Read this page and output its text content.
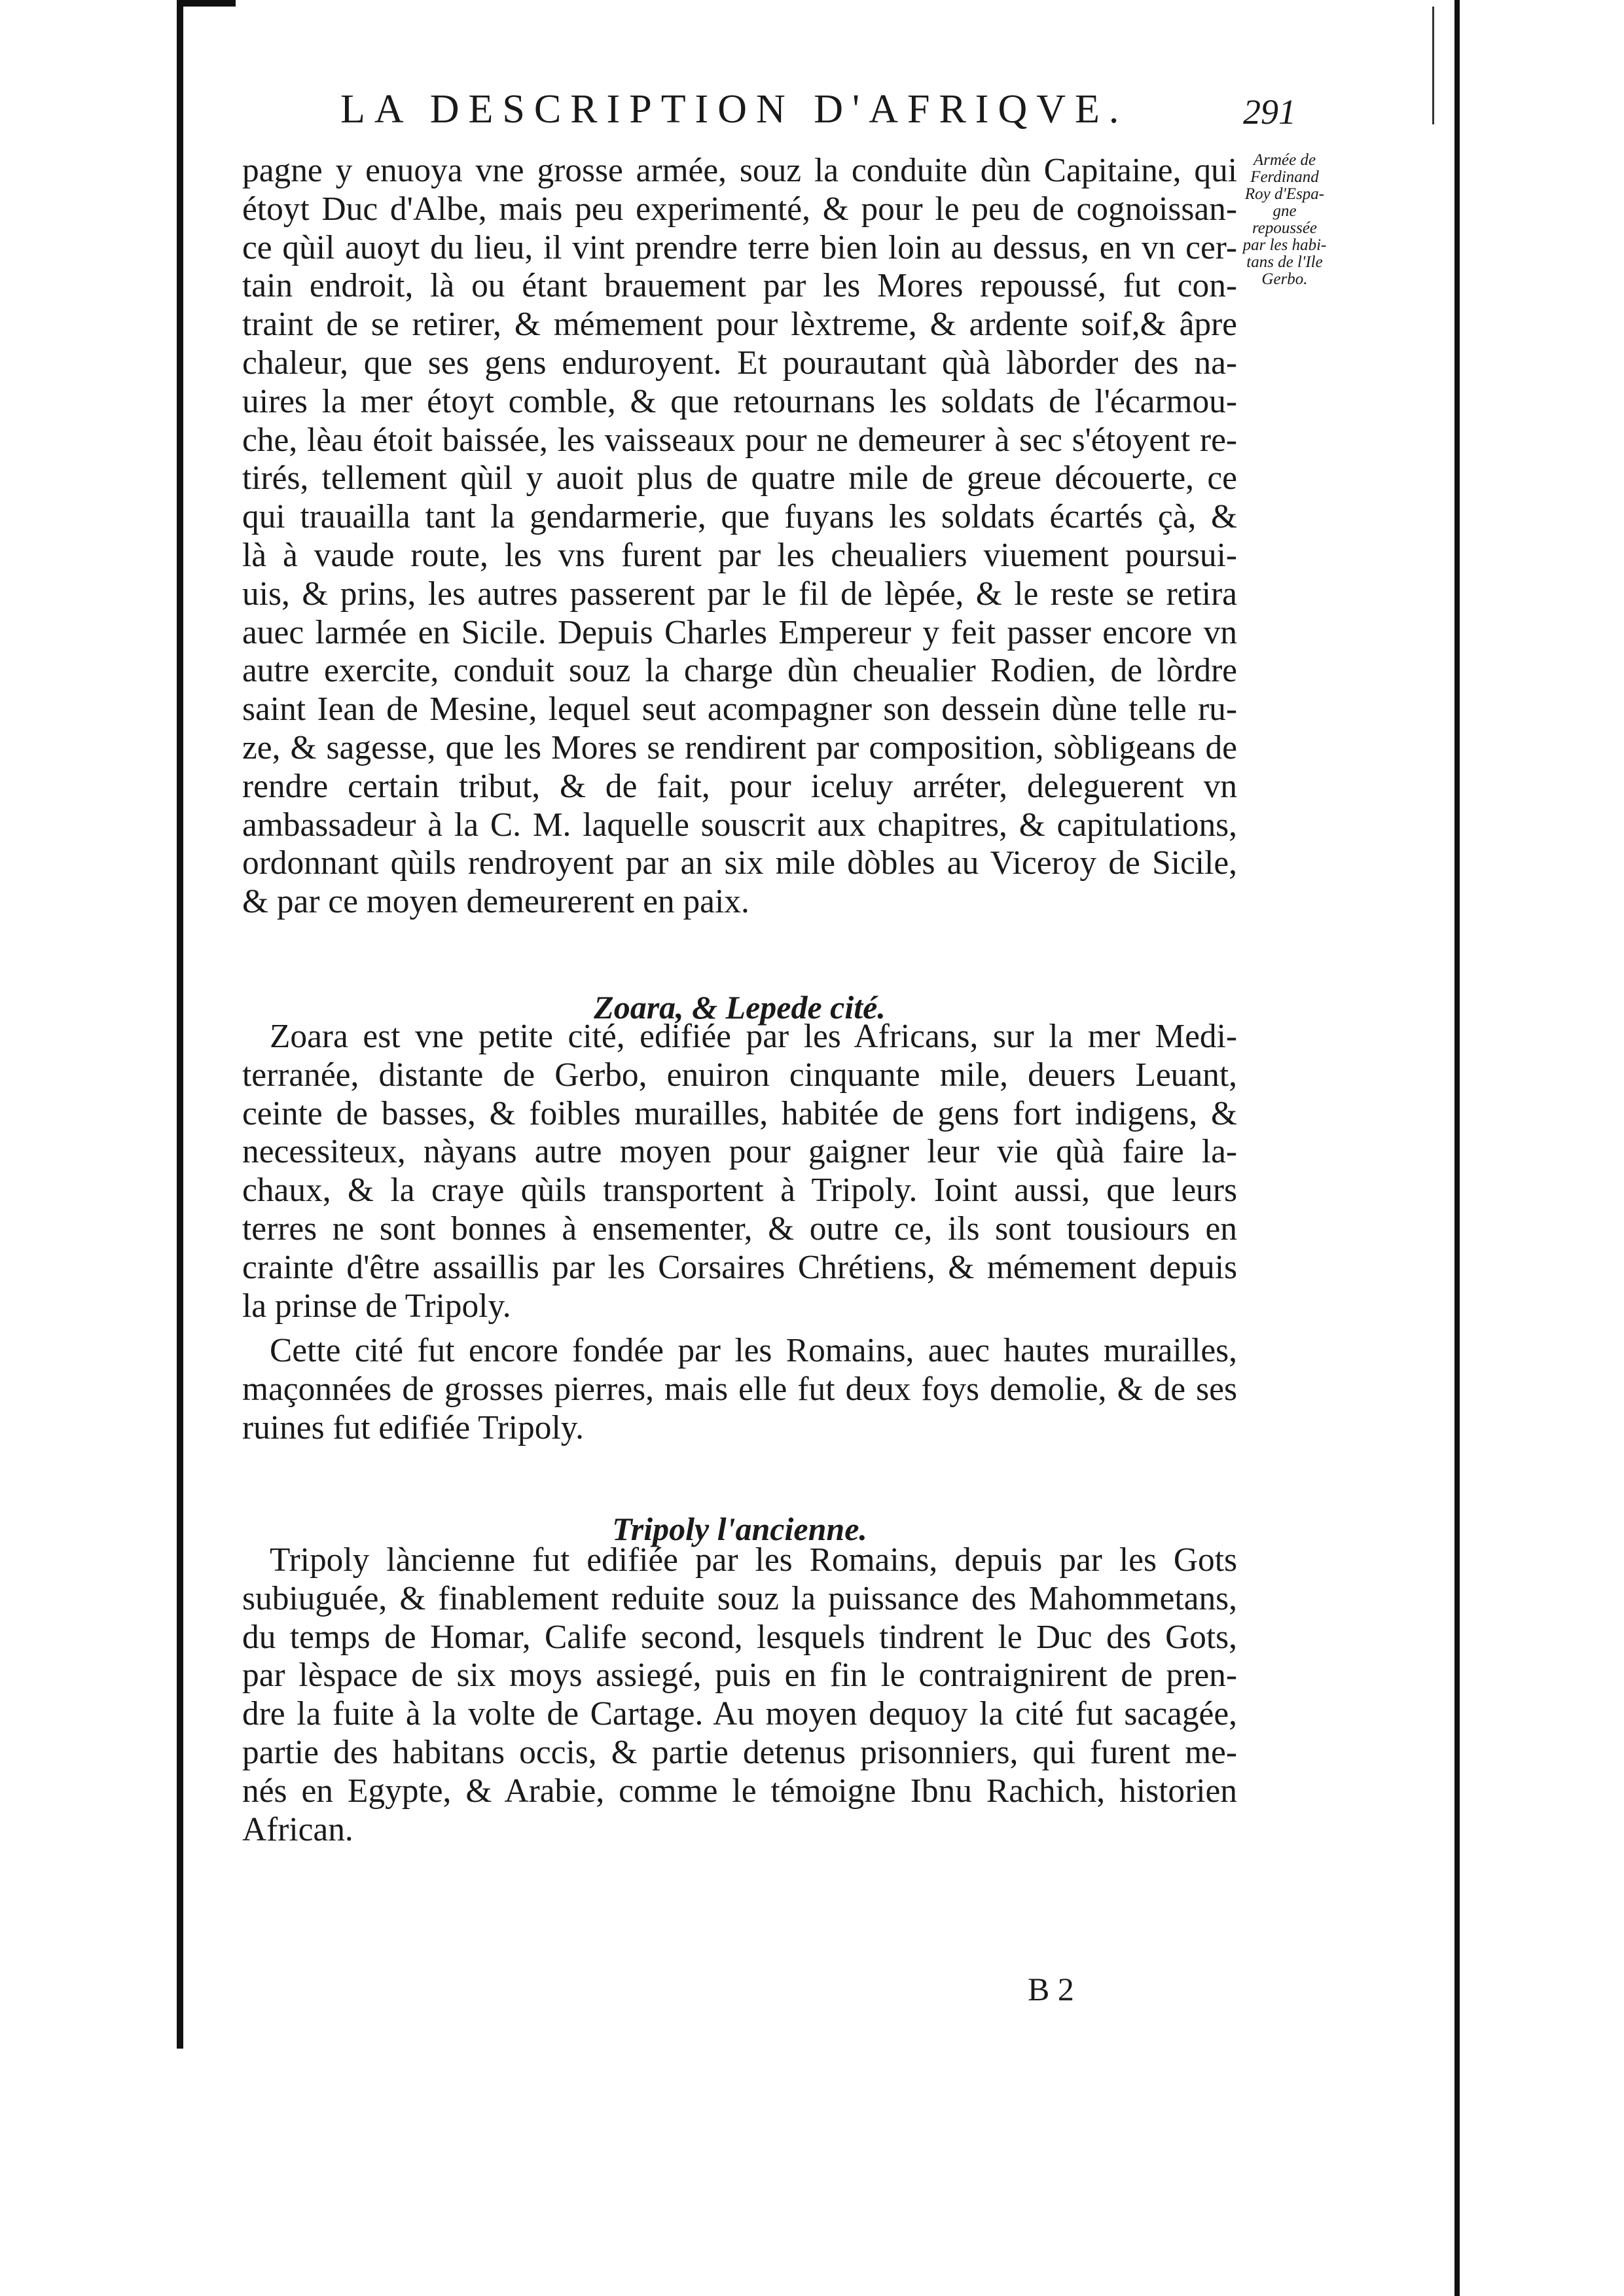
LA DESCRIPTION D'AFRIQVE.	291
Armée de
Ferdinand
Roy d'Espa-
gne repoussée
par les habi-
tans de l'Ile
Gerbo.
pagne y enuoya vne grosse armée, souz la conduite dùn Capitaine, qui
étoyt Duc d'Albe, mais peu experimenté, & pour le peu de cognoissan-
ce qùil auoyt du lieu, il vint prendre terre bien loin au dessus, en vn cer-
tain endroit, là ou étant brauement par les Mores repoussé, fut con-
traint de se retirer, & mémement pour lèxtreme, & ardente soif,& âpre
chaleur, que ses gens enduroyent. Et pourautant qùà làborder des na-
uires la mer étoyt comble, & que retournans les soldats de l'écarmou-
che, lèau étoit baissée, les vaisseaux pour ne demeurer à sec s'étoyent re-
tirés, tellement qùil y auoit plus de quatre mile de greue découerte, ce
qui trauailla tant la gendarmerie, que fuyans les soldats écartés çà, &
là à vaude route, les vns furent par les cheualiers viuement poursui-
uis, & prins, les autres passerent par le fil de lèpée, & le reste se retira
auec larmée en Sicile. Depuis Charles Empereur y feit passer encore vn
autre exercite, conduit souz la charge dùn cheualier Rodien, de lòrdre
saint Iean de Mesine, lequel seut acompagner son dessein dùne telle ru-
ze, & sagesse, que les Mores se rendirent par composition, sòbligeans de
rendre certain tribut, & de fait, pour iceluy arréter, deleguerent vn
ambassadeur à la C. M. laquelle souscrit aux chapitres, & capitulations,
ordonnant qùils rendroyent par an six mile dòbles au Viceroy de Sicile,
& par ce moyen demeurerent en paix.
Zoara, & Lepede cité.
Zoara est vne petite cité, edifiée par les Africans, sur la mer Medi-
terranée, distante de Gerbo, enuiron cinquante mile, deuers Leuant,
ceinte de basses, & foibles murailles, habitée de gens fort indigens, &
necessiteux, nàyans autre moyen pour gaigner leur vie qùà faire la-
chaux, & la craye qùils transportent à Tripoly. Ioint aussi, que leurs
terres ne sont bonnes à ensementer, & outre ce, ils sont tousiours en
crainte d'être assaillis par les Corsaires Chrétiens, & mémement depuis
la prinse de Tripoly.
Cette cité fut encore fondée par les Romains, auec hautes murailles,
maçonnées de grosses pierres, mais elle fut deux foys demolie, & de ses
ruines fut edifiée Tripoly.
Tripoly l'ancienne.
Tripoly làncienne fut edifiée par les Romains, depuis par les Gots
subiuguée, & finablement reduite souz la puissance des Mahommetans,
du temps de Homar, Calife second, lesquels tindrent le Duc des Gots,
par lèspace de six moys assiegé, puis en fin le contraignirent de pren-
dre la fuite à la volte de Cartage. Au moyen dequoy la cité fut sacagée,
partie des habitans occis, & partie detenus prisonniers, qui furent me-
nés en Egypte, & Arabie, comme le témoigne Ibnu Rachich, historien
African.
B 2
